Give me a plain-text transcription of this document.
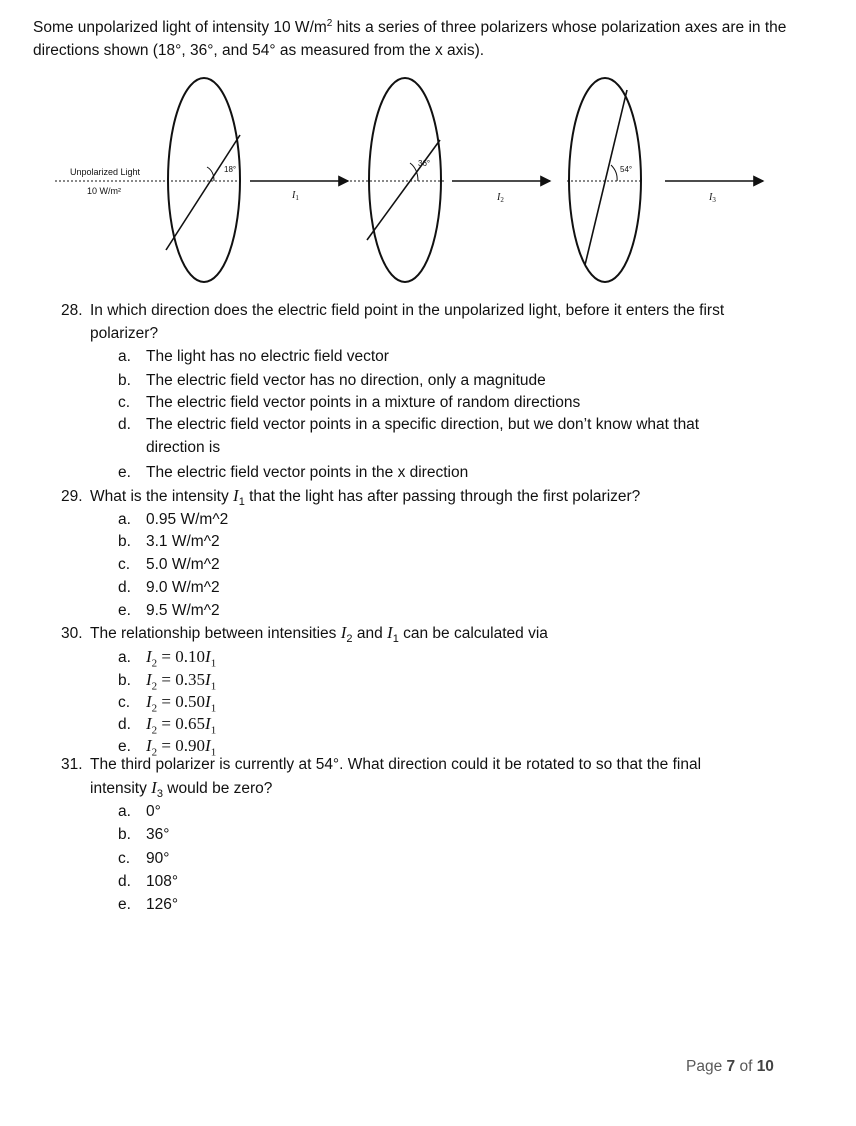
Some unpolarized light of intensity 10 $W/m^2$ hits a series of three polarizers whose polarization axes are in the directions shown (18°, 36°, and 54° as measured from the x axis).
Unpolarized Light
10 W/m²
18°
36°
54°
$I_1$	$I_2$	$I_3$
28. In which direction does the electric field point in the unpolarized light, before it enters the first
polarizer?
a. The light has no electric field vector
b. The electric field vector has no direction, only a magnitude
c. The electric field vector points in a mixture of random directions
d. The electric field vector points in a specific direction, but we don’t know what that direction is
e. The electric field vector points in the x direction
29. What is the intensity $I_1$ that the light has after passing through the first polarizer?
a. 0.95 W/m^2
b. 3.1 W/m^2
c. 5.0 W/m^2
d. 9.0 W/m^2
e. 9.5 W/m^2
30. The relationship between intensities $I_2$ and $I_1$ can be calculated via
a. $I_2 = 0.10I_1$
b. $I_2 = 0.35I_1$
c. $I_2 = 0.50I_1$
d. $I_2 = 0.65I_1$
e. $I_2 = 0.90I_1$
31. The third polarizer is currently at 54°. What direction could it be rotated to so that the final
intensity $I_3$ would be zero?
a. 0°
b. 36°
c. 90°
d. 108°
e. 126°
Page 7 of 10
